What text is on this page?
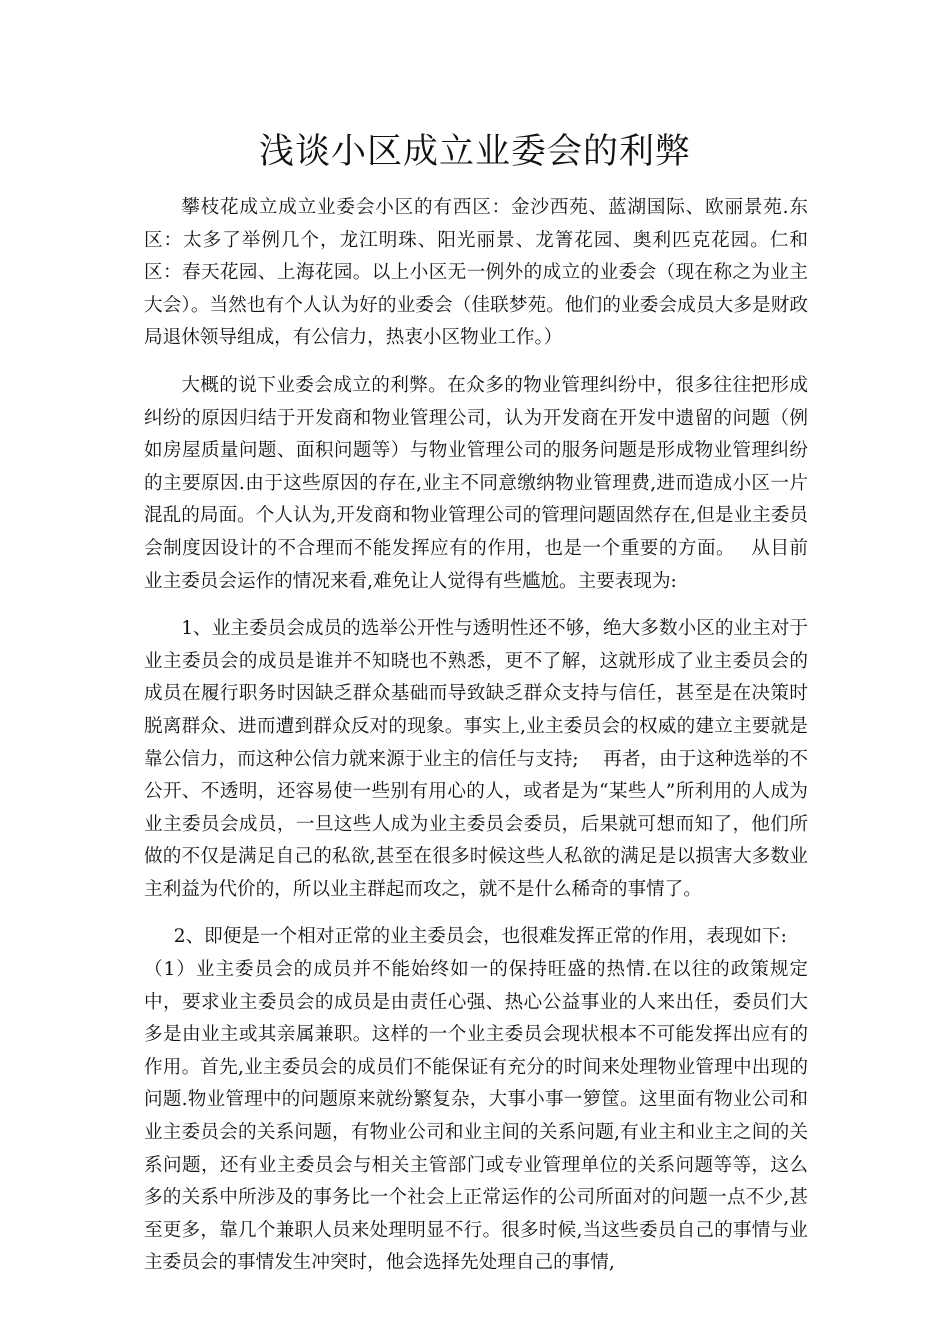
浅谈小区成立业委会的利弊

攀枝花成立成立业委会小区的有西区：金沙西苑、蓝湖国际、欧丽景苑.东区：太多了举例几个，龙江明珠、阳光丽景、龙箐花园、奥利匹克花园。仁和区：春天花园、上海花园。以上小区无一例外的成立的业委会（现在称之为业主大会）。当然也有个人认为好的业委会（佳联梦苑。他们的业委会成员大多是财政局退休领导组成，有公信力，热衷小区物业工作。）

大概的说下业委会成立的利弊。在众多的物业管理纠纷中，很多往往把形成纠纷的原因归结于开发商和物业管理公司，认为开发商在开发中遗留的问题（例如房屋质量问题、面积问题等）与物业管理公司的服务问题是形成物业管理纠纷的主要原因.由于这些原因的存在,业主不同意缴纳物业管理费,进而造成小区一片混乱的局面。个人认为,开发商和物业管理公司的管理问题固然存在,但是业主委员会制度因设计的不合理而不能发挥应有的作用，也是一个重要的方面。　 从目前业主委员会运作的情况来看,难免让人觉得有些尴尬。主要表现为:

1、业主委员会成员的选举公开性与透明性还不够，绝大多数小区的业主对于业主委员会的成员是谁并不知晓也不熟悉，更不了解，这就形成了业主委员会的成员在履行职务时因缺乏群众基础而导致缺乏群众支持与信任，甚至是在决策时脱离群众、进而遭到群众反对的现象。事实上,业主委员会的权威的建立主要就是靠公信力，而这种公信力就来源于业主的信任与支持;　 再者，由于这种选举的不公开、不透明，还容易使一些别有用心的人，或者是为“某些人”所利用的人成为业主委员会成员，一旦这些人成为业主委员会委员，后果就可想而知了，他们所做的不仅是满足自己的私欲,甚至在很多时候这些人私欲的满足是以损害大多数业主利益为代价的，所以业主群起而攻之，就不是什么稀奇的事情了。

2、即便是一个相对正常的业主委员会，也很难发挥正常的作用，表现如下:

（1）业主委员会的成员并不能始终如一的保持旺盛的热情.在以往的政策规定中，要求业主委员会的成员是由责任心强、热心公益事业的人来出任，委员们大多是由业主或其亲属兼职。这样的一个业主委员会现状根本不可能发挥出应有的作用。首先,业主委员会的成员们不能保证有充分的时间来处理物业管理中出现的问题.物业管理中的问题原来就纷繁复杂，大事小事一箩筐。这里面有物业公司和业主委员会的关系问题，有物业公司和业主间的关系问题,有业主和业主之间的关系问题，还有业主委员会与相关主管部门或专业管理单位的关系问题等等，这么多的关系中所涉及的事务比一个社会上正常运作的公司所面对的问题一点不少,甚至更多，靠几个兼职人员来处理明显不行。很多时候,当这些委员自己的事情与业主委员会的事情发生冲突时，他会选择先处理自己的事情,
